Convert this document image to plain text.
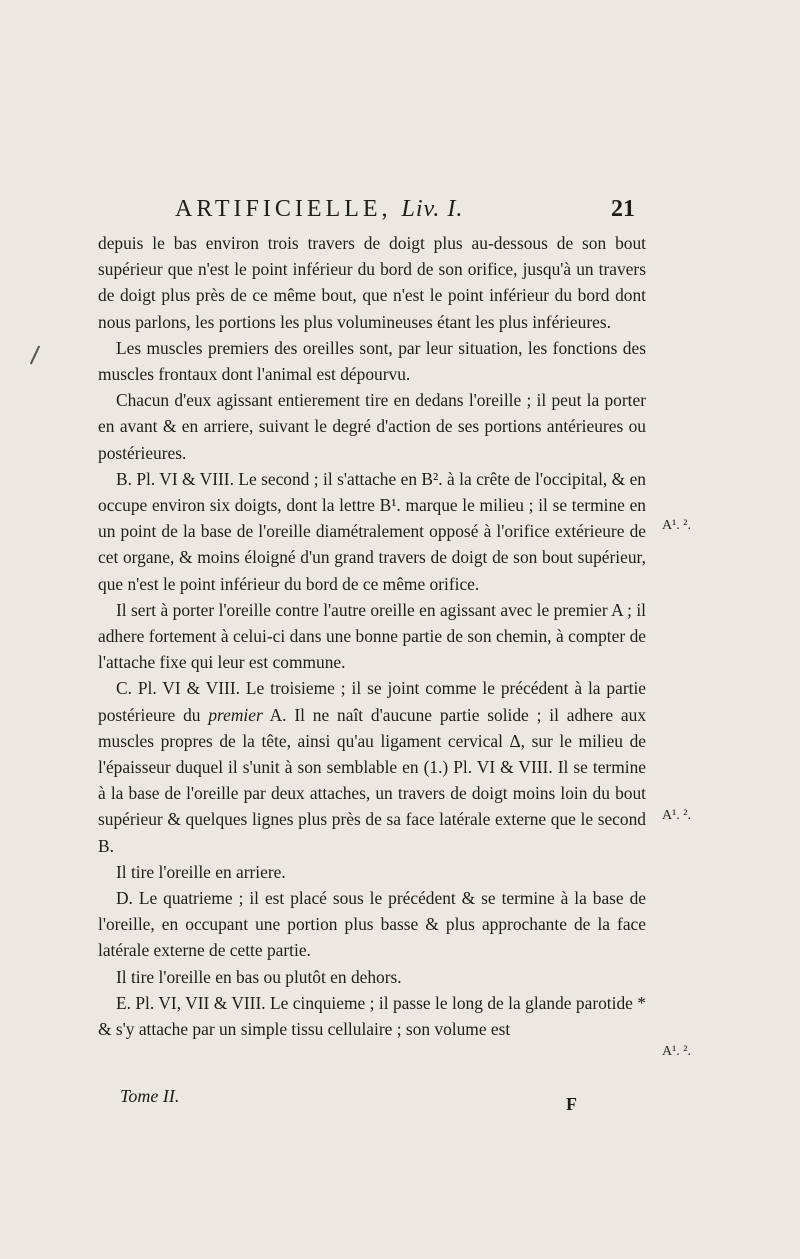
ARTIFICIELLE, Liv. I.	21

depuis le bas environ trois travers de doigt plus au-dessous de son bout supérieur que n'est le point inférieur du bord de son orifice, jusqu'à un travers de doigt plus près de ce même bout, que n'est le point inférieur du bord dont nous parlons, les portions les plus volumineuses étant les plus inférieures.

Les muscles premiers des oreilles sont, par leur situation, les fonctions des muscles frontaux dont l'animal est dépourvu.

Chacun d'eux agissant entierement tire en dedans l'oreille ; il peut la porter en avant & en arriere, suivant le degré d'action de ses portions antérieures ou postérieures.

B. Pl. VI & VIII. Le second ; il s'attache en B². à la crête de l'occipital, & en occupe environ six doigts, dont la lettre B¹. marque le milieu ; il se termine en un point de la base de l'oreille diamétralement opposé à l'orifice extérieure de cet organe, & moins éloigné d'un grand travers de doigt de son bout supérieur, que n'est le point inférieur du bord de ce même orifice.

Il sert à porter l'oreille contre l'autre oreille en agissant avec le premier A ; il adhere fortement à celui-ci dans une bonne partie de son chemin, à compter de l'attache fixe qui leur est commune.

C. Pl. VI & VIII. Le troisieme ; il se joint comme le précédent à la partie postérieure du premier A. Il ne naît d'aucune partie solide ; il adhere aux muscles propres de la tête, ainsi qu'au ligament cervical Δ, sur le milieu de l'épaisseur duquel il s'unit à son semblable en (1.) Pl. VI & VIII. Il se termine à la base de l'oreille par deux attaches, un travers de doigt moins loin du bout supérieur & quelques lignes plus près de sa face latérale externe que le second B.

Il tire l'oreille en arriere.

D. Le quatrieme ; il est placé sous le précédent & se termine à la base de l'oreille, en occupant une portion plus basse & plus approchante de la face latérale externe de cette partie.

Il tire l'oreille en bas ou plutôt en dehors.

E. Pl. VI, VII & VIII. Le cinquieme ; il passe le long de la glande parotide * & s'y attache par un simple tissu cellulaire ; son volume est

A¹. ².
A¹. ².
A¹. ².
Tome II.	F
